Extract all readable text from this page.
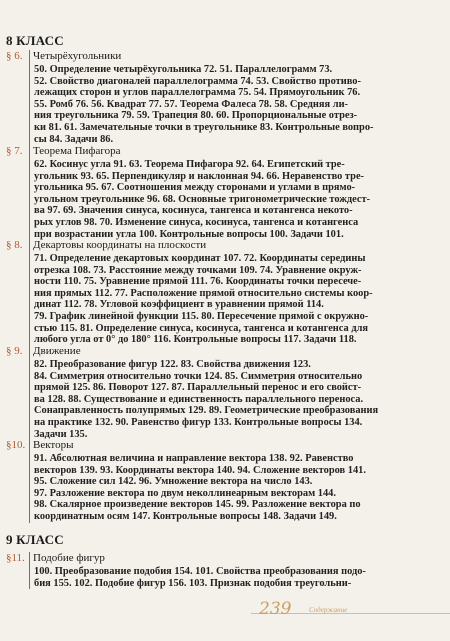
8 КЛАСС
§ 6. Четырёхугольники
50. Определение четырёхугольника 72. 51. Параллелограмм 73.
52. Свойство диагоналей параллелограмма 74. 53. Свойство противо-
лежащих сторон и углов параллелограмма 75. 54. Прямоугольник 76.
55. Ромб 76. 56. Квадрат 77. 57. Теорема Фалеса 78. 58. Средняя ли-
ния треугольника 79. 59. Трапеция 80. 60. Пропорциональные отрез-
ки 81. 61. Замечательные точки в треугольнике 83. Контрольные вопро-
сы 84. Задачи 86.
§ 7. Теорема Пифагора
62. Косинус угла 91. 63. Теорема Пифагора 92. 64. Египетский тре-
угольник 93. 65. Перпендикуляр и наклонная 94. 66. Неравенство тре-
угольника 95. 67. Соотношения между сторонами и углами в прямо-
угольном треугольнике 96. 68. Основные тригонометрические тождест-
ва 97. 69. Значения синуса, косинуса, тангенса и котангенса некото-
рых углов 98. 70. Изменение синуса, косинуса, тангенса и котангенса
при возрастании угла 100. Контрольные вопросы 100. Задачи 101.
§ 8. Декартовы координаты на плоскости
71. Определение декартовых координат 107. 72. Координаты середины
отрезка 108. 73. Расстояние между точками 109. 74. Уравнение окруж-
ности 110. 75. Уравнение прямой 111. 76. Координаты точки пересече-
ния прямых 112. 77. Расположение прямой относительно системы коор-
динат 112. 78. Угловой коэффициент в уравнении прямой 114.
79. График линейной функции 115. 80. Пересечение прямой с окружно-
стью 115. 81. Определение синуса, косинуса, тангенса и котангенса для
любого угла от 0° до 180° 116. Контрольные вопросы 117. Задачи 118.
§ 9. Движение
82. Преобразование фигур 122. 83. Свойства движения 123.
84. Симметрия относительно точки 124. 85. Симметрия относительно
прямой 125. 86. Поворот 127. 87. Параллельный перенос и его свойст-
ва 128. 88. Существование и единственность параллельного переноса.
Сонаправленность полупрямых 129. 89. Геометрические преобразования
на практике 132. 90. Равенство фигур 133. Контрольные вопросы 134.
Задачи 135.
§10. Векторы
91. Абсолютная величина и направление вектора 138. 92. Равенство
векторов 139. 93. Координаты вектора 140. 94. Сложение векторов 141.
95. Сложение сил 142. 96. Умножение вектора на число 143.
97. Разложение вектора по двум неколлинеарным векторам 144.
98. Скалярное произведение векторов 145. 99. Разложение вектора по
координатным осям 147. Контрольные вопросы 148. Задачи 149.
9 КЛАСС
§11. Подобие фигур
100. Преобразование подобия 154. 101. Свойства преобразования подо-
бия 155. 102. Подобие фигур 156. 103. Признак подобия треугольни-
239	Содержание
